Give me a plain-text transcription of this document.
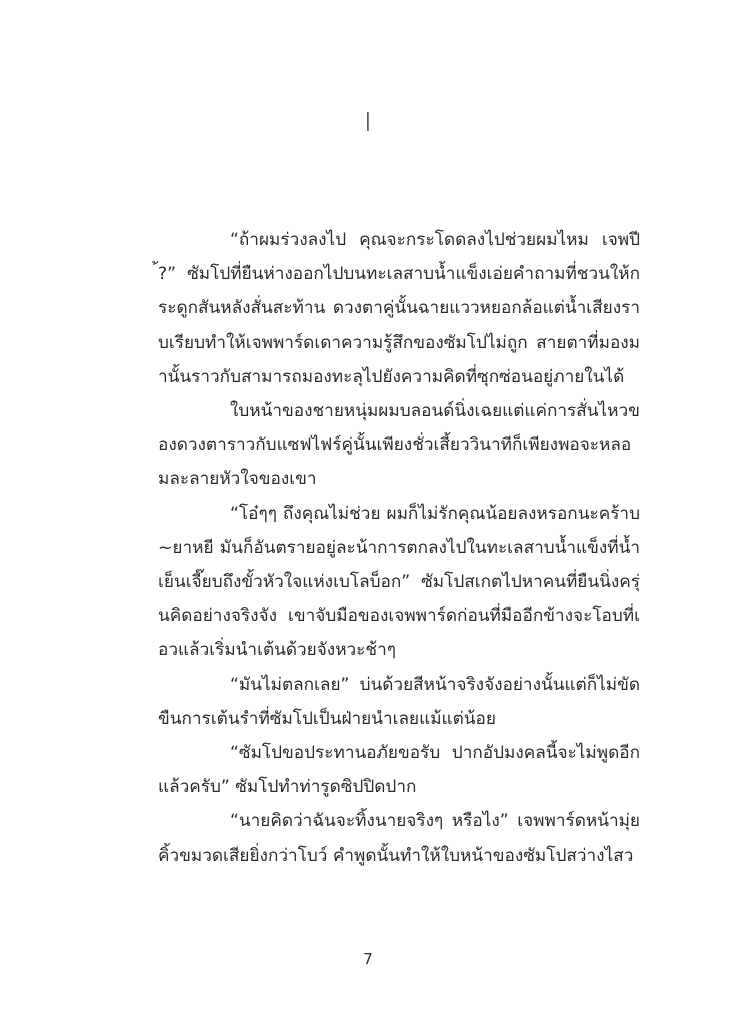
I

“ถ้าผมร่วงลงไป คุณจะกระโดดลงไปช่วยผมไหม เจพปี้?” ซัมโปที่ยืนห่างออกไปบนทะเลสาบน้ำแข็งเอ่ยคำถามที่ชวนให้กระดูกสันหลังสั่นสะท้าน ดวงตาคู่นั้นฉายแววหยอกล้อแต่น้ำเสียงราบเรียบทำให้เจพพาร์ดเดาความรู้สึกของซัมโปไม่ถูก สายตาที่มองมานั้นราวกับสามารถมองทะลุไปยังความคิดที่ซุกซ่อนอยู่ภายในได้

ใบหน้าของชายหนุ่มผมบลอนด์นิ่งเฉยแต่แค่การสั่นไหวของดวงตาราวกับแซฟไฟร์คู่นั้นเพียงชั่วเสี้ยววินาทีก็เพียงพอจะหลอมละลายหัวใจของเขา

“โอ๋ๆๆ ถึงคุณไม่ช่วย ผมก็ไม่รักคุณน้อยลงหรอกนะคร้าบ~ยาหยี มันก็อันตรายอยู่ละน้าการตกลงไปในทะเลสาบน้ำแข็งที่น้ำเย็นเจี๊ยบถึงขั้วหัวใจแห่งเบโลบ็อก” ซัมโปสเกตไปหาคนที่ยืนนิ่งครุ่นคิดอย่างจริงจัง เขาจับมือของเจพพาร์ดก่อนที่มืออีกข้างจะโอบที่เอวแล้วเริ่มนำเต้นด้วยจังหวะช้าๆ

“มันไม่ตลกเลย” บ่นด้วยสีหน้าจริงจังอย่างนั้นแต่ก็ไม่ขัดขืนการเต้นรำที่ซัมโปเป็นฝ่ายนำเลยแม้แต่น้อย

“ซัมโปขอประทานอภัยขอรับ ปากอัปมงคลนี้จะไม่พูดอีกแล้วครับ” ซัมโปทำท่ารูดซิปปิดปาก

“นายคิดว่าฉันจะทิ้งนายจริงๆ หรือไง” เจพพาร์ดหน้ามุ่ยคิ้วขมวดเสียยิ่งกว่าโบว์ คำพูดนั้นทำให้ใบหน้าของซัมโปสว่างไสว

7
